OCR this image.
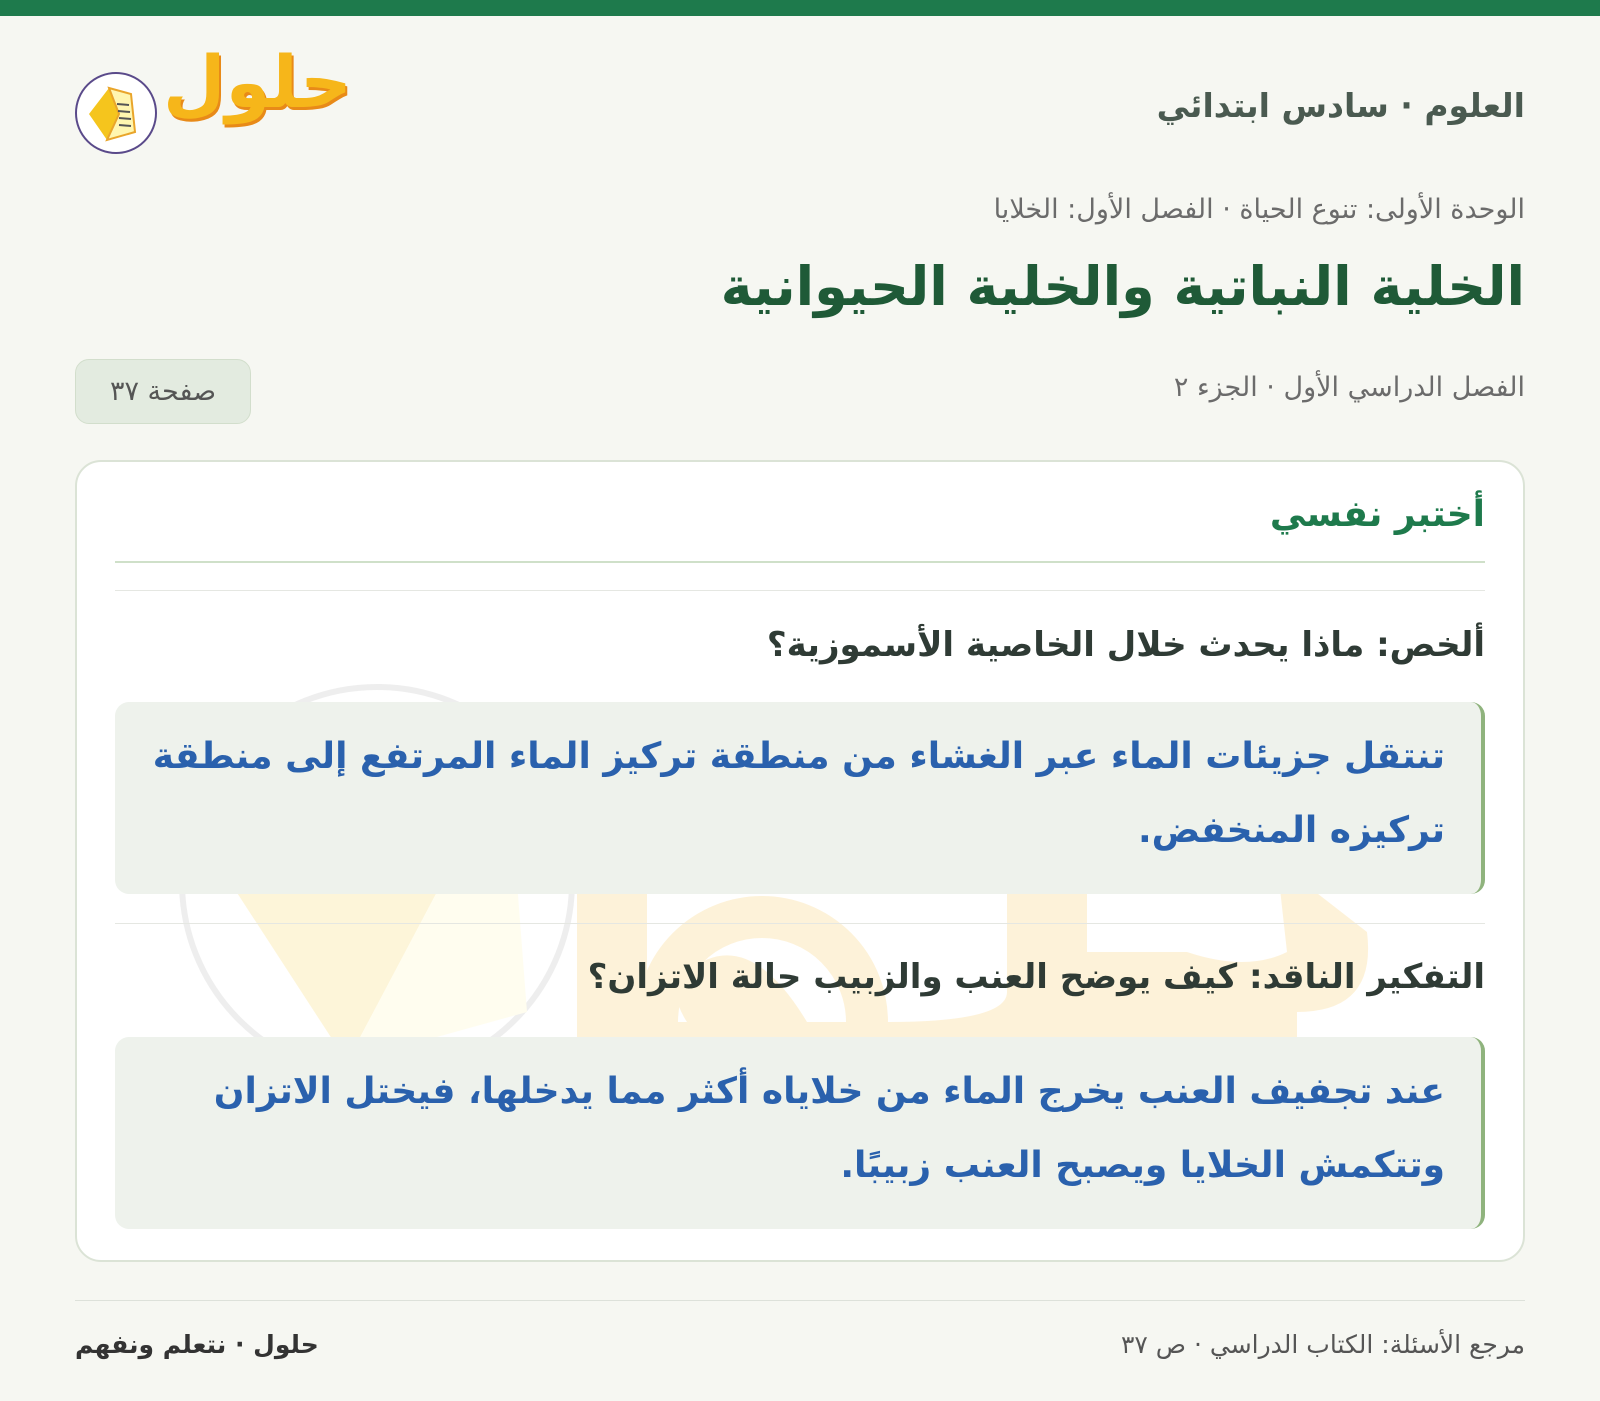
حلول	العلوم · سادس ابتدائي
الوحدة الأولى: تنوع الحياة · الفصل الأول: الخلايا
الخلية النباتية والخلية الحيوانية
الفصل الدراسي الأول · الجزء ٢
صفحة ٣٧
أختبر نفسي
ألخص: ماذا يحدث خلال الخاصية الأسموزية؟
تنتقل جزيئات الماء عبر الغشاء من منطقة تركيز الماء المرتفع إلى منطقة تركيزه المنخفض.
التفكير الناقد: كيف يوضح العنب والزبيب حالة الاتزان؟
عند تجفيف العنب يخرج الماء من خلاياه أكثر مما يدخلها، فيختل الاتزان وتتكمش الخلايا ويصبح العنب زبيبًا.
مرجع الأسئلة: الكتاب الدراسي · ص ٣٧
حلول · نتعلم ونفهم
